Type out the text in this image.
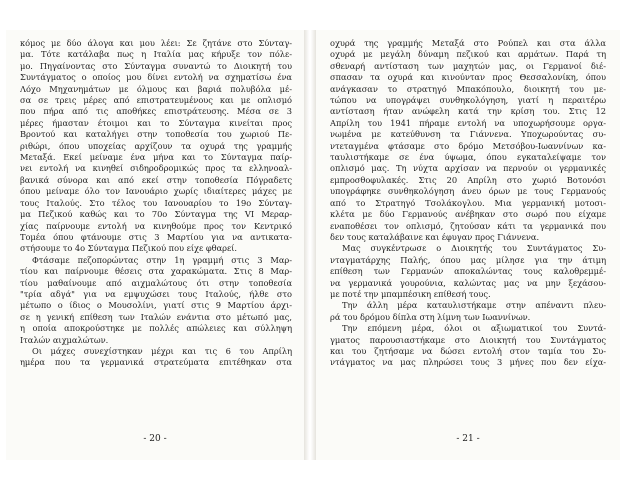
κόμος με δύο άλογα και μου λέει: Σε ζητάνε στο Σύνταγ-
μα. Τότε κατάλαβα πως η Ιταλία μας κήρυξε τον πόλε-
μο. Πηγαίνοντας στο Σύνταγμα συναντώ το Διοικητή του
Συντάγματος ο οποίος μου δίνει εντολή να σχηματίσω ένα
Λόχο Μηχανημάτων με όλμους και βαριά πολυβόλα μέ-
σα σε τρεις μέρες από επιστρατευμένους και με οπλισμό
που πήρα από τις αποθήκες επιστράτευσης. Μέσα σε 3
μέρες ήμασταν έτοιμοι και το Σύνταγμα κινείται προς
Βροντού και καταλήγει στην τοποθεσία του χωριού Πε-
ριθώρι, όπου υποχείας αρχίζουν τα οχυρά της γραμμής
Μεταξά. Εκεί μείναμε ένα μήνα και το Σύνταγμα παίρ-
νει εντολή να κινηθεί σιδηροδρομικώς προς τα ελληνοαλ-
βανικά σύνορα και από εκεί στην τοποθεσία Πόγραδετς
όπου μείναμε όλο τον Ιανουάριο χωρίς ιδιαίτερες μάχες με
τους Ιταλούς. Στο τέλος του Ιανουαρίου το 19ο Σύνταγ-
μα Πεζικού καθώς και το 70ο Σύνταγμα της VI Μεραρ-
χίας παίρνουμε εντολή να κινηθούμε προς τον Κεντρικό
Τομέα όπου φτάνουμε στις 3 Μαρτίου για να αντικατα-
στήσουμε το 4ο Σύνταγμα Πεζικού που είχε φθαρεί.
Φτάσαμε πεζοπορώντας στην 1η γραμμή στις 3 Μαρ-
τίου και παίρνουμε θέσεις στα χαρακώματα. Στις 8 Μαρ-
τίου μαθαίνουμε από αιχμαλώτους ότι στην τοποθεσία
"τρία αδγά" για να εμψυχώσει τους Ιταλούς, ήλθε στο
μέτωπο ο ίδιος ο Μουσολίνι, γιατί στις 9 Μαρτίου άρχι-
σε η γενική επίθεση των Ιταλών ενάντια στο μέτωπό μας,
η οποία αποκρούστηκε με πολλές απώλειες και σύλληψη
Ιταλών αιχμαλώτων.
Οι μάχες συνεχίστηκαν μέχρι και τις 6 του Απρίλη
ημέρα που τα γερμανικά στρατεύματα επιτέθηκαν στα
- 20 -
οχυρά της γραμμής Μεταξά στο Ρούπελ και στα άλλα
οχυρά με μεγάλη δύναμη πεζικού και αρμάτων. Παρά τη
σθεναρή αντίσταση των μαχητών μας, οι Γερμανοί διέ-
σπασαν τα οχυρά και κινούνταν προς Θεσσαλονίκη, όπου
ανάγκασαν το στρατηγό Μπακόπουλο, διοικητή του με-
τώπου να υπογράψει συνθηκολόγηση, γιατί η περαιτέρω
αντίσταση ήταν ανώφελη κατά την κρίση του. Στις 12
Απρίλη του 1941 πήραμε εντολή να υποχωρήσουμε οργα-
νωμένα με κατεύθυνση τα Γιάννενα. Υποχωρούντας συ-
ντεταγμένα φτάσαμε στο δρόμο Μετσόβου-Ιωαννίνων κα-
ταυλιστήκαμε σε ένα ύψωμα, όπου εγκαταλείψαμε τον
οπλισμό μας. Τη νύχτα αρχίσαν να περνούν οι γερμανικές
εμπροσθοφυλακές. Στις 20 Απρίλη στο χωριό Βοτονόσι
υπογράφηκε συνθηκολόγηση άνευ όρων με τους Γερμανούς
από το Στρατηγό Τσολάκογλου. Μια γερμανική μοτοσι-
κλέτα με δύο Γερμανούς ανέβηκαν στο σωρό που είχαμε
εναποθέσει τον οπλισμό, ζητούσαν κάτι τα γερμανικά που
δεν τους καταλάβαινε και έφυγαν προς Γιάννενα.
Μας συγκέντρωσε ο Διοικητής του Συντάγματος Συ-
νταγματάρχης Παλής, όπου μας μίλησε για την άτιμη
επίθεση των Γερμανών αποκαλώντας τους καλοθρεμμέ-
να γερμανικά γουρούνια, καλώντας μας να μην ξεχάσου-
με ποτέ την μπαμπέσικη επίθεσή τους.
Την άλλη μέρα καταυλιστήκαμε στην απέναντι πλευ-
ρά του δρόμου δίπλα στη λίμνη των Ιωαννίνων.
Την επόμενη μέρα, όλοι οι αξιωματικοί του Συντά-
γματος παρουσιαστήκαμε στο Διοικητή του Συντάγματος
και του ζητήσαμε να δώσει εντολή στον ταμία του Συ-
ντάγματος να μας πληρώσει τους 3 μήνες που δεν είχα-
- 21 -
